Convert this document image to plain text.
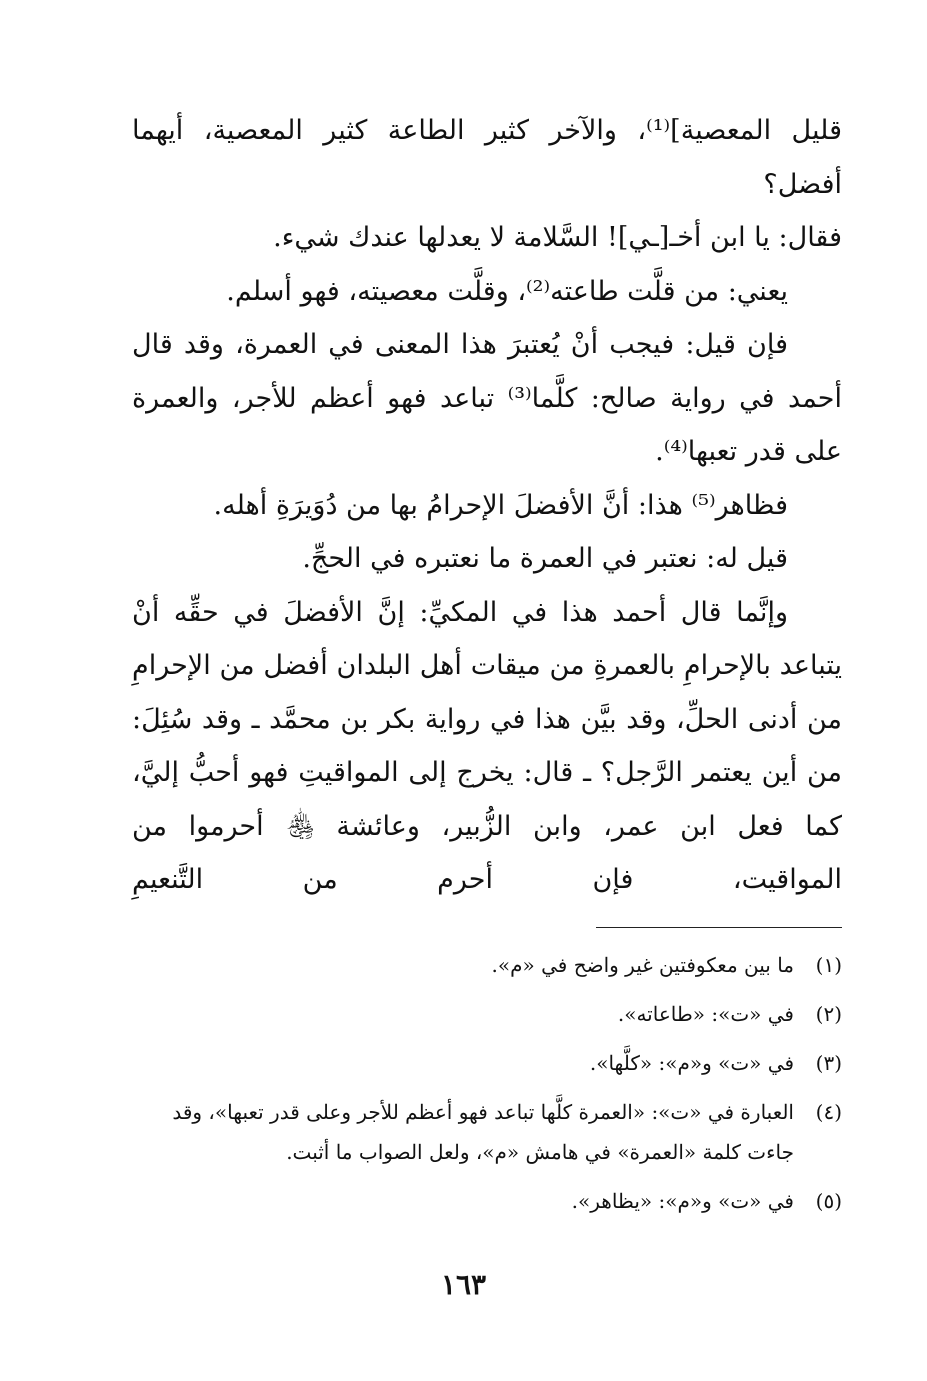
قليل المعصية]⁽¹⁾، والآخر كثير الطاعة كثير المعصية، أيهما أفضل؟

فقال: يا ابن أخـ[ـي]! السَّلامة لا يعدلها عندك شيء.

يعني: من قلَّت طاعته⁽²⁾، وقلَّت معصيته، فهو أسلم.

فإن قيل: فيجب أنْ يُعتبرَ هذا المعنى في العمرة، وقد قال أحمد في رواية صالح: كلَّما⁽³⁾ تباعد فهو أعظم للأجر، والعمرة على قدر تعبها⁽⁴⁾.

فظاهر⁽⁵⁾ هذا: أنَّ الأفضلَ الإحرامُ بها من دُوَيرَةِ أهله.

قيل له: نعتبر في العمرة ما نعتبره في الحجِّ.

وإنَّما قال أحمد هذا في المكيِّ: إنَّ الأفضلَ في حقِّه أنْ يتباعد بالإحرامِ بالعمرةِ من ميقات أهل البلدان أفضل من الإحرامِ من أدنى الحلِّ، وقد بيَّن هذا في رواية بكر بن محمَّد ـ وقد سُئِلَ: من أين يعتمر الرَّجل؟ ـ قال: يخرج إلى المواقيتِ فهو أحبُّ إليَّ، كما فعل ابن عمر، وابن الزُّبير، وعائشة ﵃ أحرموا من المواقيت، فإن أحرم من التَّنعيمِ

(١)
ما بين معكوفتين غير واضح في «م».
(٢)
في «ت»: «طاعاته».
(٣)
في «ت» و«م»: «كلَّها».
(٤)
العبارة في «ت»: «العمرة كلَّها تباعد فهو أعظم للأجر وعلى قدر تعبها»، وقد جاءت كلمة «العمرة» في هامش «م»، ولعل الصواب ما أثبت.
(٥)
في «ت» و«م»: «يظاهر».
١٦٣
